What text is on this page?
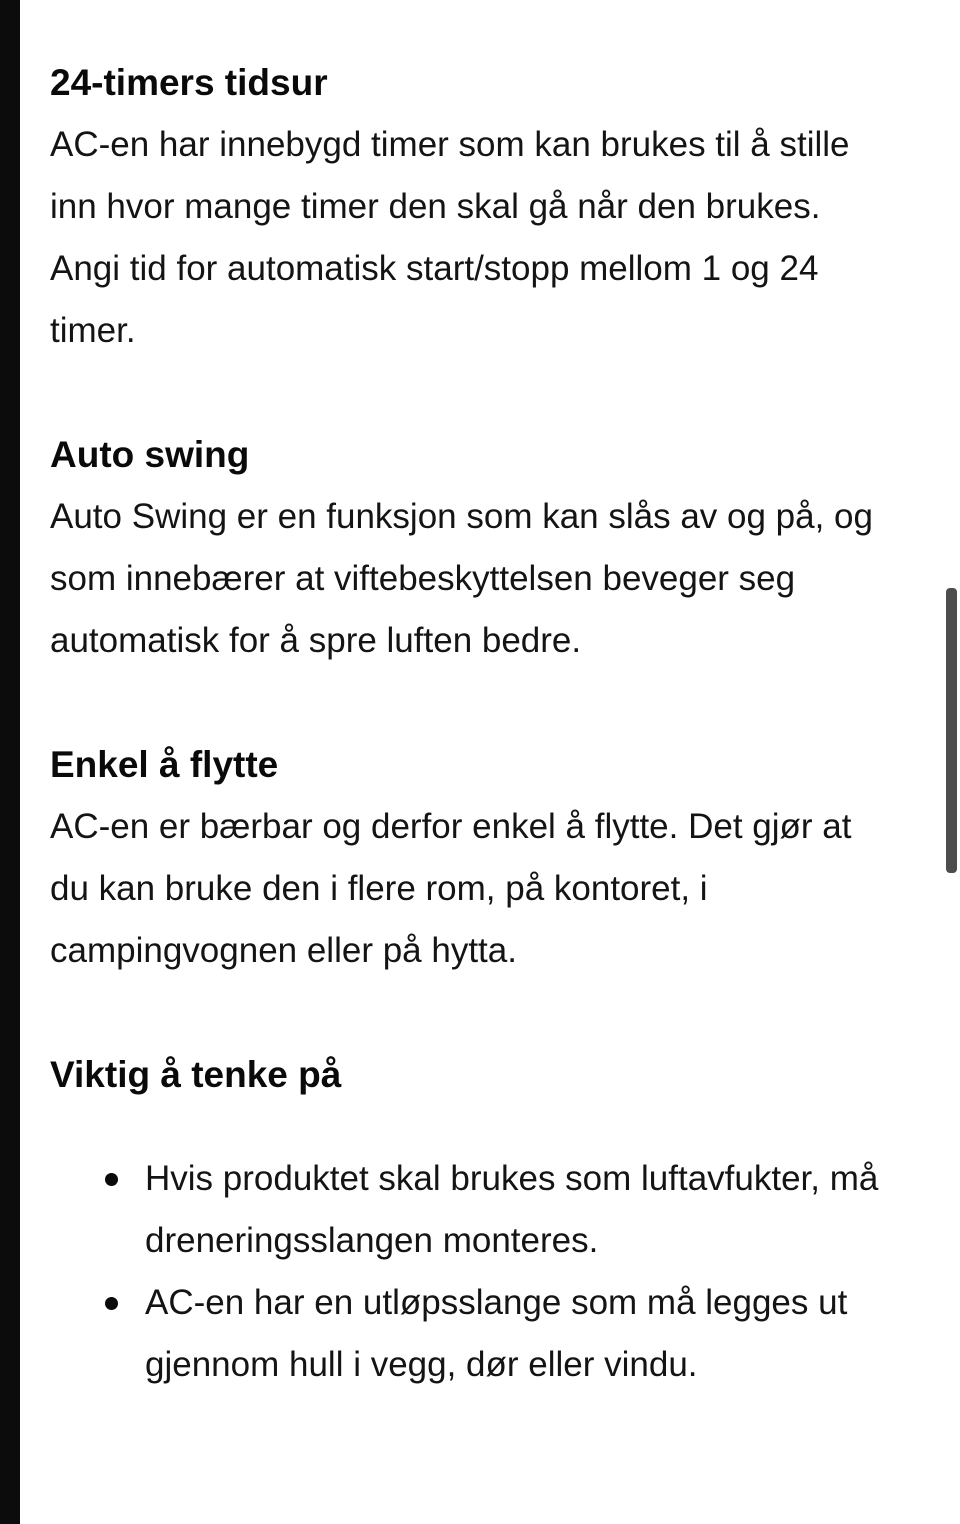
24-timers tidsur

AC-en har innebygd timer som kan brukes til å stille inn hvor mange timer den skal gå når den brukes. Angi tid for automatisk start/stopp mellom 1 og 24 timer.

Auto swing

Auto Swing er en funksjon som kan slås av og på, og som innebærer at viftebeskyttelsen beveger seg automatisk for å spre luften bedre.

Enkel å flytte

AC-en er bærbar og derfor enkel å flytte. Det gjør at du kan bruke den i flere rom, på kontoret, i campingvognen eller på hytta.

Viktig å tenke på
Hvis produktet skal brukes som luftavfukter, må dreneringsslangen monteres.
AC-en har en utløpsslange som må legges ut gjennom hull i vegg, dør eller vindu.
